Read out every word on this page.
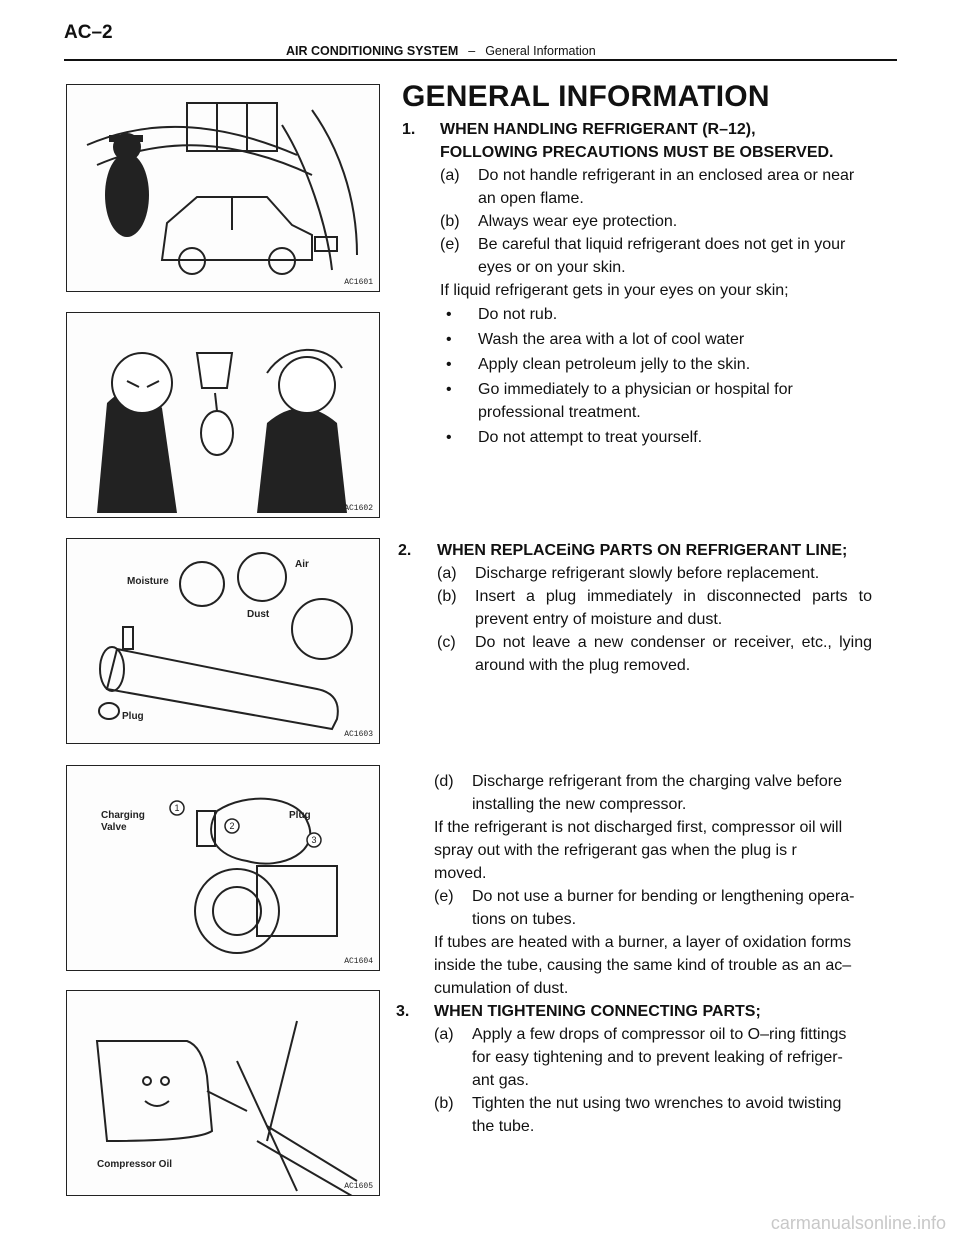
AC–2
AIR CONDITIONING SYSTEM – General Information
AC1601
AC1602
Moisture
Air
Dust
Plug
AC1603
Charging
Valve
Plug
1
2
3
AC1604
Compressor Oil
AC1605
GENERAL INFORMATION
1. WHEN HANDLING REFRIGERANT (R–12),
FOLLOWING PRECAUTIONS MUST BE OBSERVED.
(a) Do not handle refrigerant in an enclosed area or near
an open flame.
(b) Always wear eye protection.
(e) Be careful that liquid refrigerant does not get in your
eyes or on your skin.
If liquid refrigerant gets in your eyes on your skin;
• Do not rub.
• Wash the area with a lot of cool water
• Apply clean petroleum jelly to the skin.
• Go immediately to a physician or hospital for
professional treatment.
• Do not attempt to treat yourself.
2. WHEN REPLACEiNG PARTS ON REFRIGERANT LINE;
(a) Discharge refrigerant slowly before replacement.
(b) Insert a plug immediately in disconnected parts to
prevent entry of moisture and dust.
(c) Do not leave a new condenser or receiver, etc., lying
around with the plug removed.
(d) Discharge refrigerant from the charging valve before
installing the new compressor.
If the refrigerant is not discharged first, compressor oil will
spray out with the refrigerant gas when the plug is r
moved.
(e) Do not use a burner for bending or lengthening opera-
tions on tubes.
If tubes are heated with a burner, a layer of oxidation forms
inside the tube, causing the same kind of trouble as an ac–
cumulation of dust.
3. WHEN TIGHTENING CONNECTING PARTS;
(a) Apply a few drops of compressor oil to O–ring fittings
for easy tightening and to prevent leaking of refriger-
ant gas.
(b) Tighten the nut using two wrenches to avoid twisting
the tube.
carmanualsonline.info
